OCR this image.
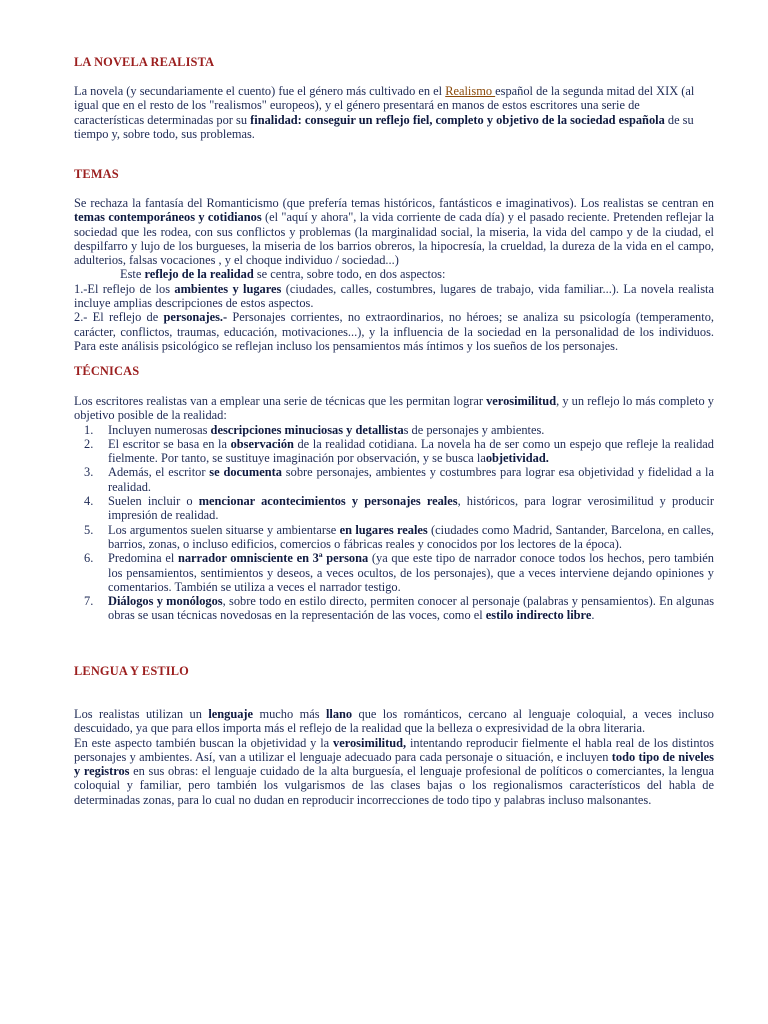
LA NOVELA REALISTA

La novela (y secundariamente el cuento) fue el género más cultivado en el Realismo español de la segunda mitad del XIX (al igual que en el resto de los "realismos" europeos), y el género presentará en manos de estos escritores una serie de características determinadas por su finalidad: conseguir un reflejo fiel, completo y objetivo de la sociedad española de su tiempo y, sobre todo, sus problemas.

TEMAS

Se rechaza la fantasía del Romanticismo (que prefería temas históricos, fantásticos e imaginativos). Los realistas se centran en temas contemporáneos y cotidianos (el "aquí y ahora", la vida corriente de cada día) y el pasado reciente. Pretenden reflejar la sociedad que les rodea, con sus conflictos y problemas (la marginalidad social, la miseria, la vida del campo y de la ciudad, el despilfarro y lujo de los burgueses, la miseria de los barrios obreros, la hipocresía, la crueldad, la dureza de la vida en el campo, adulterios, falsas vocaciones , y el choque individuo / sociedad...)

Este reflejo de la realidad se centra, sobre todo, en dos aspectos:

1.-El reflejo de los ambientes y lugares (ciudades, calles, costumbres, lugares de trabajo, vida familiar...). La novela realista incluye amplias descripciones de estos aspectos.

2.- El reflejo de personajes.- Personajes corrientes, no extraordinarios, no héroes; se analiza su psicología (temperamento, carácter, conflictos, traumas, educación, motivaciones...), y la influencia de la sociedad en la personalidad de los individuos. Para este análisis psicológico se reflejan incluso los pensamientos más íntimos y los sueños de los personajes.

TÉCNICAS

Los escritores realistas van a emplear una serie de técnicas que les permitan lograr verosimilitud, y un reflejo lo más completo y objetivo posible de la realidad:

1.	Incluyen numerosas descripciones minuciosas y detallistas de personajes y ambientes.
2.	El escritor se basa en la observación de la realidad cotidiana. La novela ha de ser como un espejo que refleje la realidad fielmente. Por tanto, se sustituye imaginación por observación, y se busca laobjetividad.
3.	Además, el escritor se documenta sobre personajes, ambientes y costumbres para lograr esa objetividad y fidelidad a la realidad.
4.	Suelen incluir o mencionar acontecimientos y personajes reales, históricos, para lograr verosimilitud y producir impresión de realidad.
5.	Los argumentos suelen situarse y ambientarse en lugares reales (ciudades como Madrid, Santander, Barcelona, en calles, barrios, zonas, o incluso edificios, comercios o fábricas reales y conocidos por los lectores de la época).
6.	Predomina el narrador omnisciente en 3ª persona (ya que este tipo de narrador conoce todos los hechos, pero también los pensamientos, sentimientos y deseos, a veces ocultos, de los personajes), que a veces interviene dejando opiniones y comentarios. También se utiliza a veces el narrador testigo.
7.	Diálogos y monólogos, sobre todo en estilo directo, permiten conocer al personaje (palabras y pensamientos). En algunas obras se usan técnicas novedosas en la representación de las voces, como el estilo indirecto libre.
LENGUA Y ESTILO

Los realistas utilizan un lenguaje mucho más llano que los románticos, cercano al lenguaje coloquial, a veces incluso descuidado, ya que para ellos importa más el reflejo de la realidad que la belleza o expresividad de la obra literaria.

En este aspecto también buscan la objetividad y la verosimilitud, intentando reproducir fielmente el habla real de los distintos personajes y ambientes. Así, van a utilizar el lenguaje adecuado para cada personaje o situación, e incluyen todo tipo de niveles y registros en sus obras: el lenguaje cuidado de la alta burguesía, el lenguaje profesional de políticos o comerciantes, la lengua coloquial y familiar, pero también los vulgarismos de las clases bajas o los regionalismos característicos del habla de determinadas zonas, para lo cual no dudan en reproducir incorrecciones de todo tipo y palabras incluso malsonantes.
